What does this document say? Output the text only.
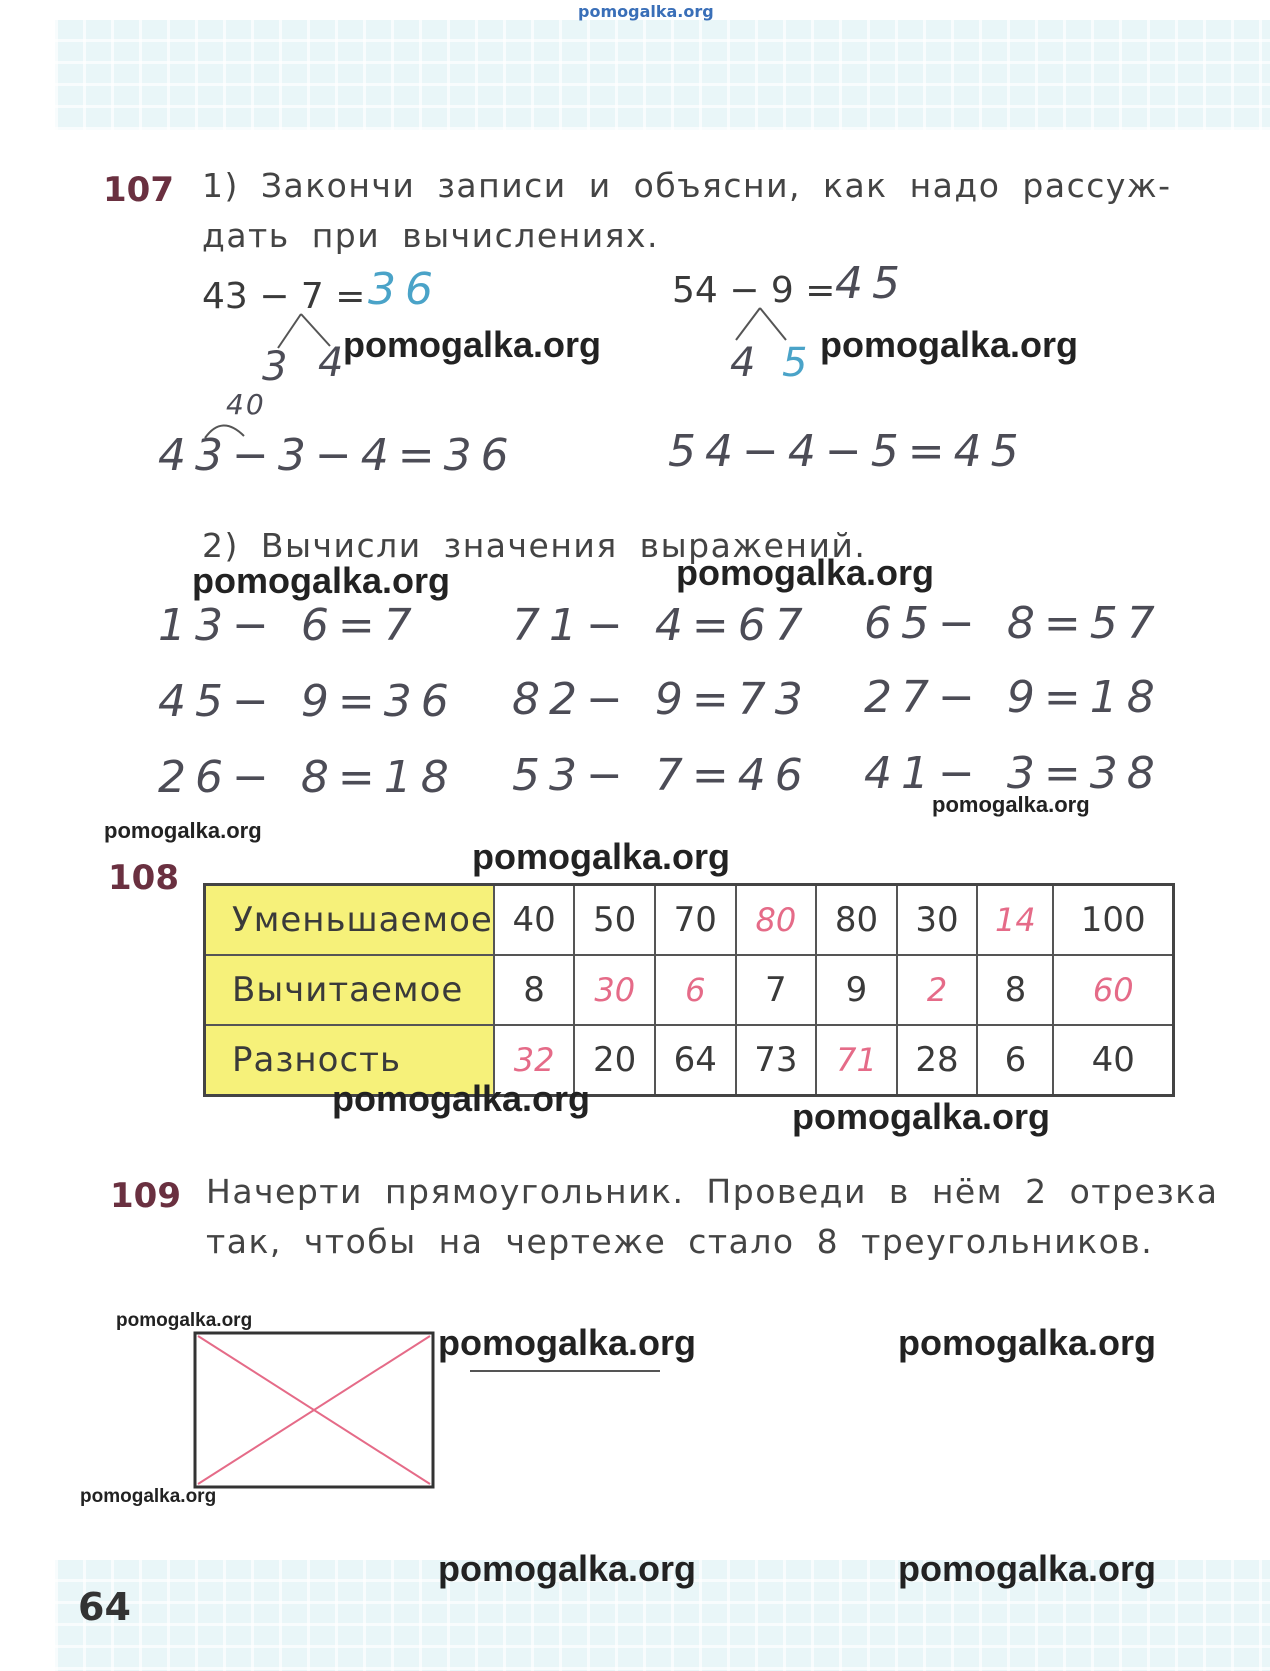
pomogalka.org
107 1) Закончи записи и объясни, как надо рассуж-
дать при вычислениях.
43 − 7 = 36
3 4
40
43−3−4=36
54 − 9 = 45
4 5
54−4−5=45
2) Вычисли значения выражений.
13− 6=7 71− 4=67 65− 8=57
45− 9=36 82− 9=73 27− 9=18
26− 8=18 53− 7=46 41− 3=38
108
Уменьшаемое	40	50	70	80	80	30	14	100
Вычитаемое	8	30	6	7	9	2	8	60
Разность	32	20	64	73	71	28	6	40
109 Начерти прямоугольник. Проведи в нём 2 отрезка
так, чтобы на чертеже стало 8 треугольников.
64
pomogalka.org	pomogalka.org
pomogalka.org	pomogalka.org
pomogalka.org
pomogalka.org
pomogalka.org
pomogalka.org	pomogalka.org
pomogalka.org
pomogalka.org	pomogalka.org
pomogalka.org
pomogalka.org	pomogalka.org
